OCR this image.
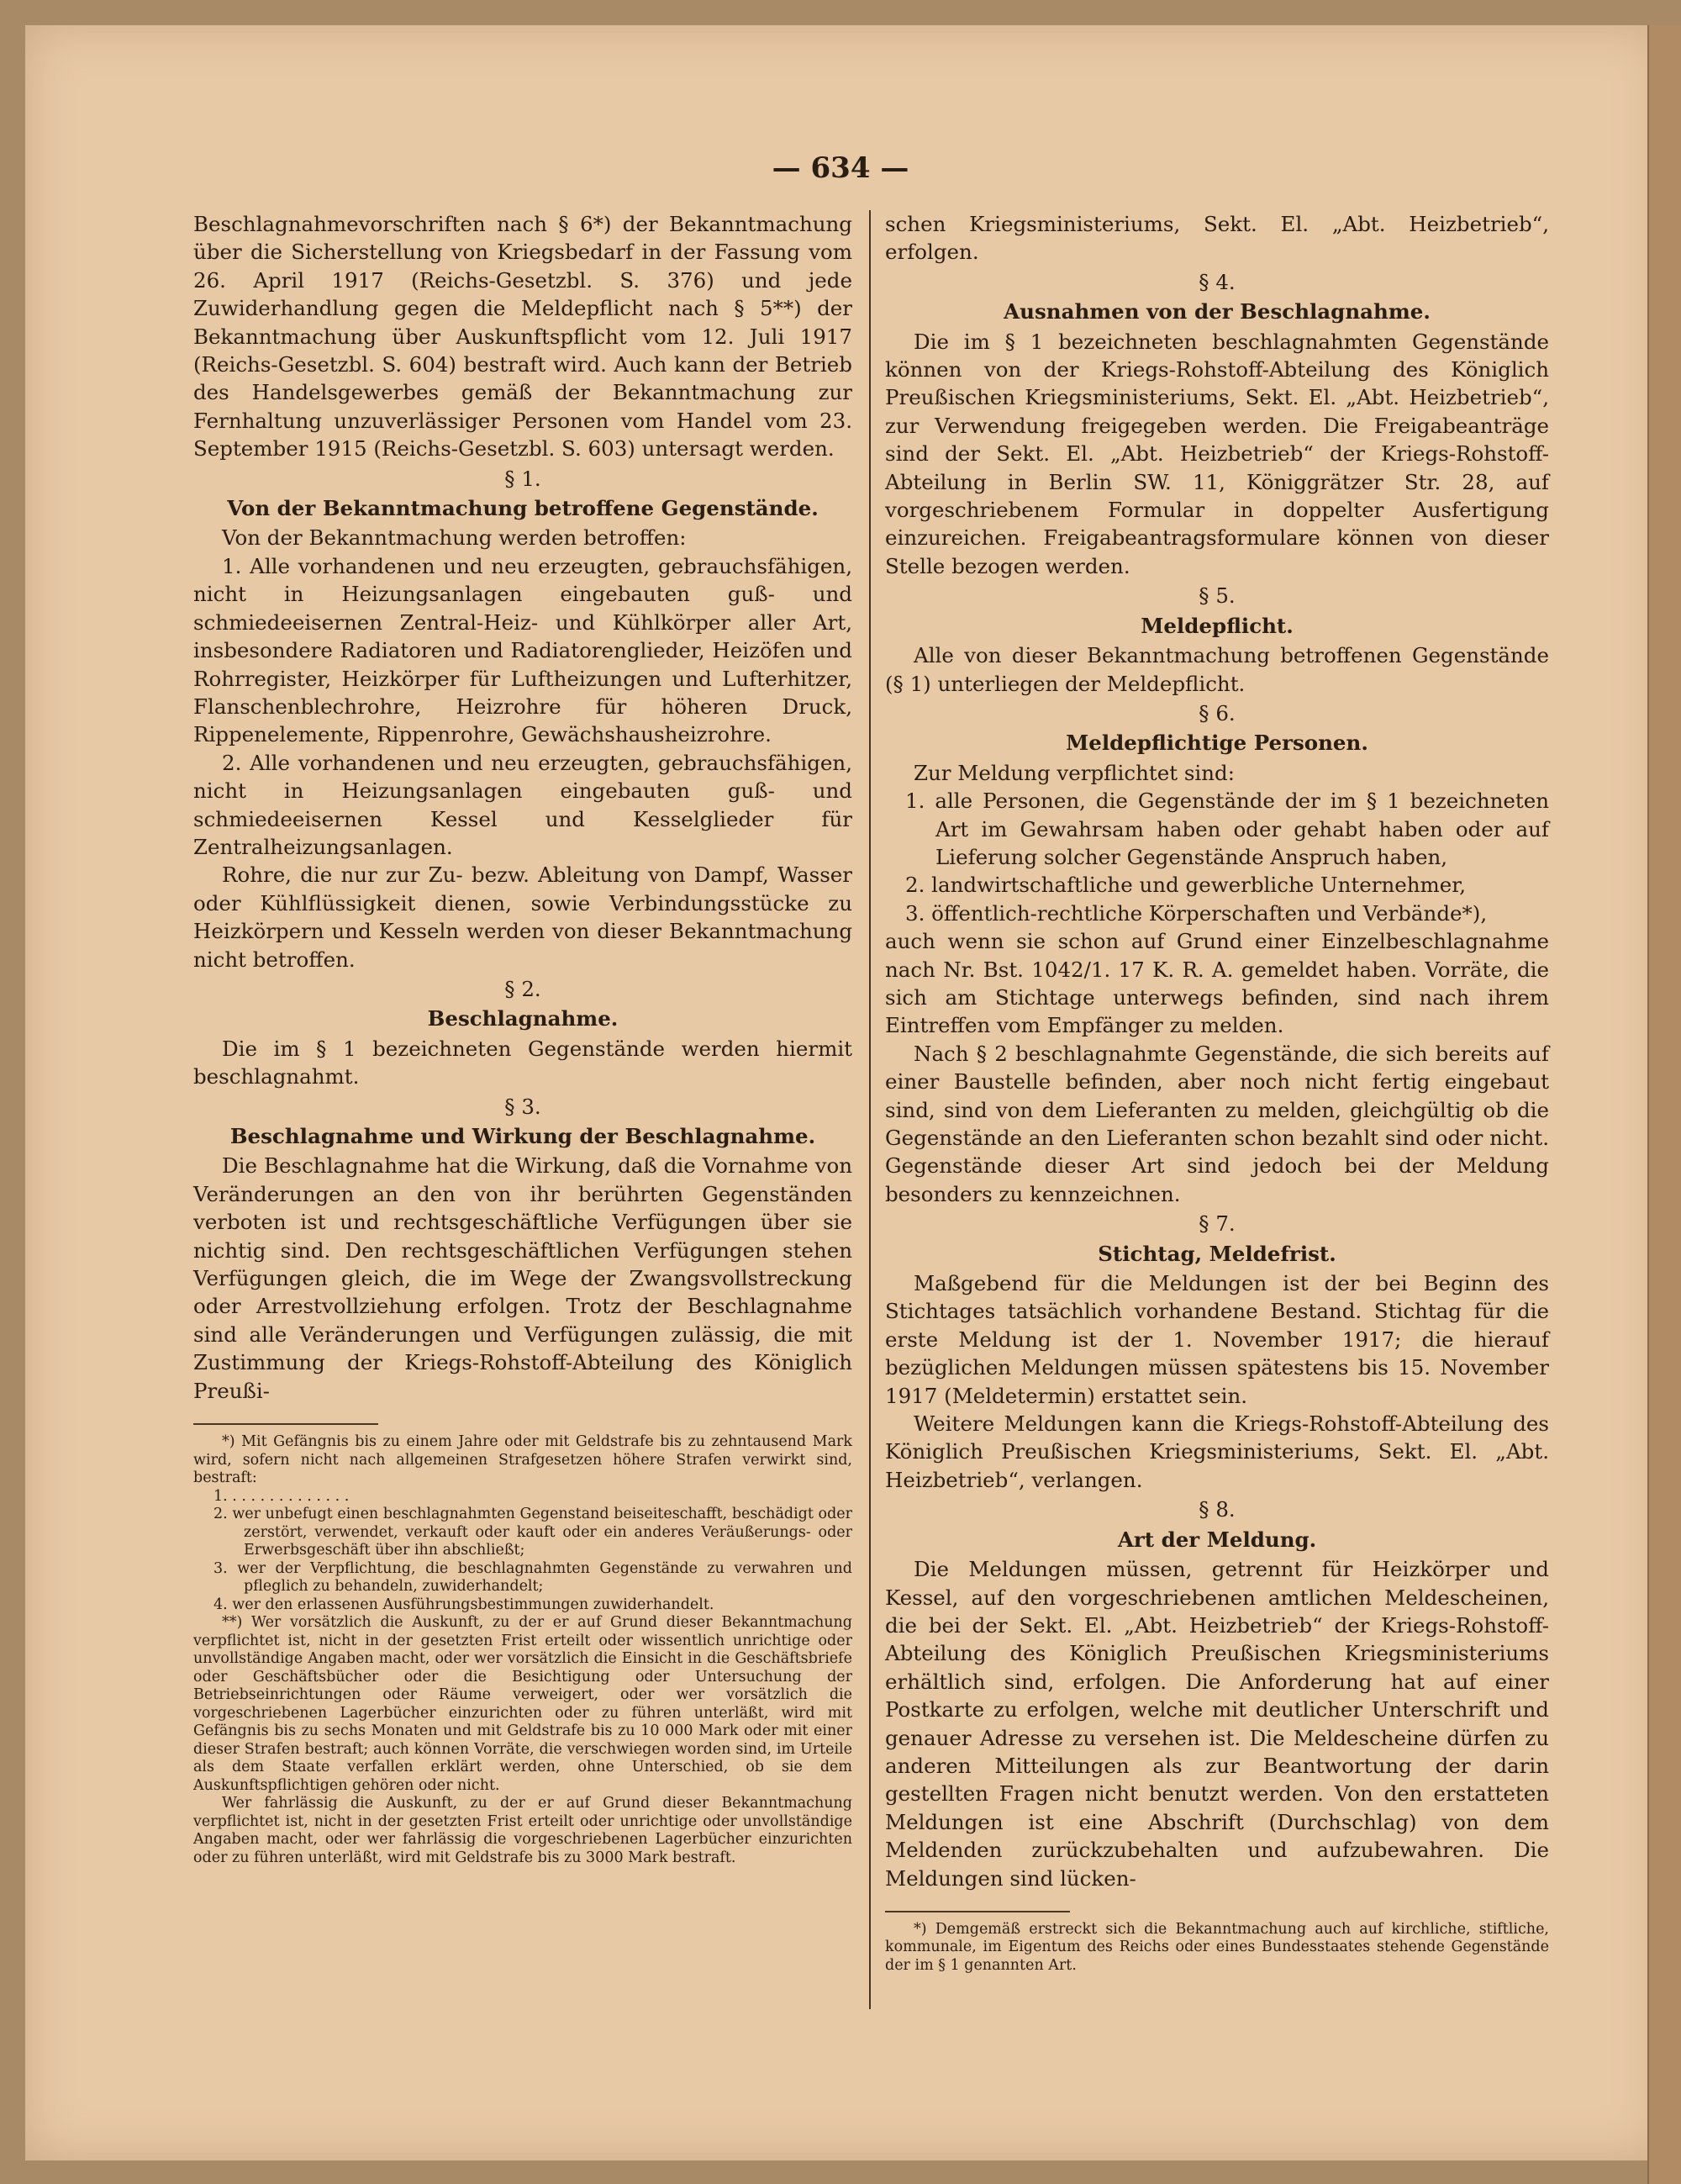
— 634 —

Beschlagnahmevorschriften nach § 6*) der Bekanntmachung über die Sicherstellung von Kriegsbedarf in der Fassung vom 26. April 1917 (Reichs-Gesetzbl. S. 376) und jede Zuwiderhandlung gegen die Meldepflicht nach § 5**) der Bekanntmachung über Auskunftspflicht vom 12. Juli 1917 (Reichs-Gesetzbl. S. 604) bestraft wird. Auch kann der Betrieb des Handelsgewerbes gemäß der Bekanntmachung zur Fernhaltung unzuverlässiger Personen vom Handel vom 23. September 1915 (Reichs-Gesetzbl. S. 603) untersagt werden.

§ 1.

Von der Bekanntmachung betroffene Gegenstände.

Von der Bekanntmachung werden betroffen:

1. Alle vorhandenen und neu erzeugten, gebrauchsfähigen, nicht in Heizungsanlagen eingebauten guß- und schmiedeeisernen Zentral-Heiz- und Kühlkörper aller Art, insbesondere Radiatoren und Radiatorenglieder, Heizöfen und Rohrregister, Heizkörper für Luftheizungen und Lufterhitzer, Flanschenblechrohre, Heizrohre für höheren Druck, Rippenelemente, Rippenrohre, Gewächshausheizrohre.

2. Alle vorhandenen und neu erzeugten, gebrauchsfähigen, nicht in Heizungsanlagen eingebauten guß- und schmiedeeisernen Kessel und Kesselglieder für Zentralheizungsanlagen.

Rohre, die nur zur Zu- bezw. Ableitung von Dampf, Wasser oder Kühlflüssigkeit dienen, sowie Verbindungsstücke zu Heizkörpern und Kesseln werden von dieser Bekanntmachung nicht betroffen.

§ 2.

Beschlagnahme.

Die im § 1 bezeichneten Gegenstände werden hiermit beschlagnahmt.

§ 3.

Beschlagnahme und Wirkung der Beschlagnahme.

Die Beschlagnahme hat die Wirkung, daß die Vornahme von Veränderungen an den von ihr berührten Gegenständen verboten ist und rechtsgeschäftliche Verfügungen über sie nichtig sind. Den rechtsgeschäftlichen Verfügungen stehen Verfügungen gleich, die im Wege der Zwangsvollstreckung oder Arrestvollziehung erfolgen. Trotz der Beschlagnahme sind alle Veränderungen und Verfügungen zulässig, die mit Zustimmung der Kriegs-Rohstoff-Abteilung des Königlich Preußi-

*) Mit Gefängnis bis zu einem Jahre oder mit Geldstrafe bis zu zehntausend Mark wird, sofern nicht nach allgemeinen Strafgesetzen höhere Strafen verwirkt sind, bestraft:

1. . . . . . . . . . . . . .

2. wer unbefugt einen beschlagnahmten Gegenstand beiseiteschafft, beschädigt oder zerstört, verwendet, verkauft oder kauft oder ein anderes Veräußerungs- oder Erwerbsgeschäft über ihn abschließt;

3. wer der Verpflichtung, die beschlagnahmten Gegenstände zu verwahren und pfleglich zu behandeln, zuwiderhandelt;

4. wer den erlassenen Ausführungsbestimmungen zuwiderhandelt.

**) Wer vorsätzlich die Auskunft, zu der er auf Grund dieser Bekanntmachung verpflichtet ist, nicht in der gesetzten Frist erteilt oder wissentlich unrichtige oder unvollständige Angaben macht, oder wer vorsätzlich die Einsicht in die Geschäftsbriefe oder Geschäftsbücher oder die Besichtigung oder Untersuchung der Betriebseinrichtungen oder Räume verweigert, oder wer vorsätzlich die vorgeschriebenen Lagerbücher einzurichten oder zu führen unterläßt, wird mit Gefängnis bis zu sechs Monaten und mit Geldstrafe bis zu 10 000 Mark oder mit einer dieser Strafen bestraft; auch können Vorräte, die verschwiegen worden sind, im Urteile als dem Staate verfallen erklärt werden, ohne Unterschied, ob sie dem Auskunftspflichtigen gehören oder nicht.

Wer fahrlässig die Auskunft, zu der er auf Grund dieser Bekanntmachung verpflichtet ist, nicht in der gesetzten Frist erteilt oder unrichtige oder unvollständige Angaben macht, oder wer fahrlässig die vorgeschriebenen Lagerbücher einzurichten oder zu führen unterläßt, wird mit Geldstrafe bis zu 3000 Mark bestraft.

schen Kriegsministeriums, Sekt. El. „Abt. Heizbetrieb“, erfolgen.

§ 4.

Ausnahmen von der Beschlagnahme.

Die im § 1 bezeichneten beschlagnahmten Gegenstände können von der Kriegs-Rohstoff-Abteilung des Königlich Preußischen Kriegsministeriums, Sekt. El. „Abt. Heizbetrieb“, zur Verwendung freigegeben werden. Die Freigabeanträge sind der Sekt. El. „Abt. Heizbetrieb“ der Kriegs-Rohstoff-Abteilung in Berlin SW. 11, Königgrätzer Str. 28, auf vorgeschriebenem Formular in doppelter Ausfertigung einzureichen. Freigabeantragsformulare können von dieser Stelle bezogen werden.

§ 5.

Meldepflicht.

Alle von dieser Bekanntmachung betroffenen Gegenstände (§ 1) unterliegen der Meldepflicht.

§ 6.

Meldepflichtige Personen.

Zur Meldung verpflichtet sind:

1. alle Personen, die Gegenstände der im § 1 bezeichneten Art im Gewahrsam haben oder gehabt haben oder auf Lieferung solcher Gegenstände Anspruch haben,

2. landwirtschaftliche und gewerbliche Unternehmer,

3. öffentlich-rechtliche Körperschaften und Verbände*),

auch wenn sie schon auf Grund einer Einzelbeschlagnahme nach Nr. Bst. 1042/1. 17 K. R. A. gemeldet haben. Vorräte, die sich am Stichtage unterwegs befinden, sind nach ihrem Eintreffen vom Empfänger zu melden.

Nach § 2 beschlagnahmte Gegenstände, die sich bereits auf einer Baustelle befinden, aber noch nicht fertig eingebaut sind, sind von dem Lieferanten zu melden, gleichgültig ob die Gegenstände an den Lieferanten schon bezahlt sind oder nicht. Gegenstände dieser Art sind jedoch bei der Meldung besonders zu kennzeichnen.

§ 7.

Stichtag, Meldefrist.

Maßgebend für die Meldungen ist der bei Beginn des Stichtages tatsächlich vorhandene Bestand. Stichtag für die erste Meldung ist der 1. November 1917; die hierauf bezüglichen Meldungen müssen spätestens bis 15. November 1917 (Meldetermin) erstattet sein.

Weitere Meldungen kann die Kriegs-Rohstoff-Abteilung des Königlich Preußischen Kriegsministeriums, Sekt. El. „Abt. Heizbetrieb“, verlangen.

§ 8.

Art der Meldung.

Die Meldungen müssen, getrennt für Heizkörper und Kessel, auf den vorgeschriebenen amtlichen Meldescheinen, die bei der Sekt. El. „Abt. Heizbetrieb“ der Kriegs-Rohstoff-Abteilung des Königlich Preußischen Kriegsministeriums erhältlich sind, erfolgen. Die Anforderung hat auf einer Postkarte zu erfolgen, welche mit deutlicher Unterschrift und genauer Adresse zu versehen ist. Die Meldescheine dürfen zu anderen Mitteilungen als zur Beantwortung der darin gestellten Fragen nicht benutzt werden. Von den erstatteten Meldungen ist eine Abschrift (Durchschlag) von dem Meldenden zurückzubehalten und aufzubewahren. Die Meldungen sind lücken-

*) Demgemäß erstreckt sich die Bekanntmachung auch auf kirchliche, stiftliche, kommunale, im Eigentum des Reichs oder eines Bundesstaates stehende Gegenstände der im § 1 genannten Art.
